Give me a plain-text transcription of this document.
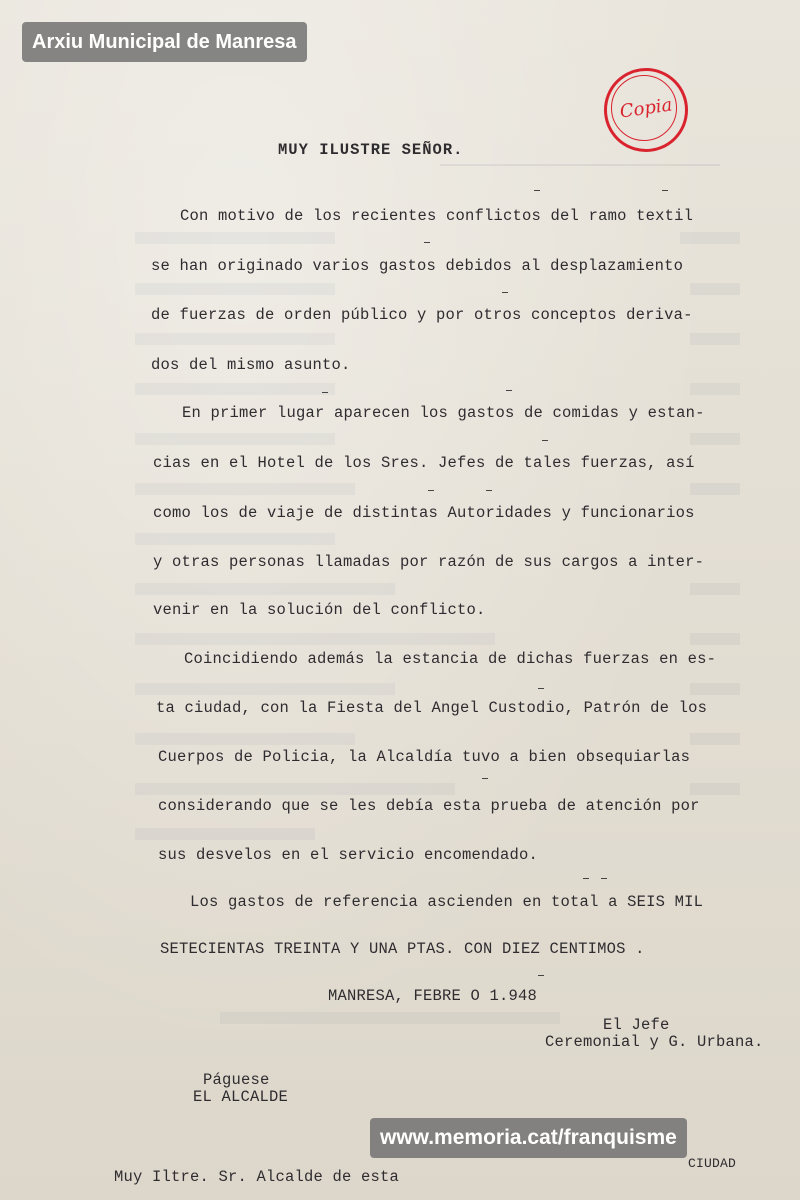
Arxiu Municipal de Manresa
Copia
MUY ILUSTRE SEÑOR.
Con motivo de los recientes conflictos del ramo textil
se han originado varios gastos debidos al desplazamiento
de fuerzas de orden público y por otros conceptos deriva-
dos del mismo asunto.
En primer lugar aparecen los gastos de comidas y estan-
cias en el Hotel de los Sres. Jefes de tales fuerzas, así
como los de viaje de distintas Autoridades y funcionarios
y otras personas llamadas por razón de sus cargos a inter-
venir en la solución del conflicto.
Coincidiendo además la estancia de dichas fuerzas en es-
ta ciudad, con la Fiesta del Angel Custodio, Patrón de los
Cuerpos de Policia, la Alcaldía tuvo a bien obsequiarlas
considerando que se les debía esta prueba de atención por
sus desvelos en el servicio encomendado.
Los gastos de referencia ascienden en total a SEIS MIL
SETECIENTAS TREINTA Y UNA PTAS. CON DIEZ CENTIMOS .
MANRESA, FEBRE O 1.948
El Jefe
Ceremonial y G. Urbana.
Páguese
EL ALCALDE
Muy Iltre. Sr. Alcalde de esta
CIUDAD
www.memoria.cat/franquisme
